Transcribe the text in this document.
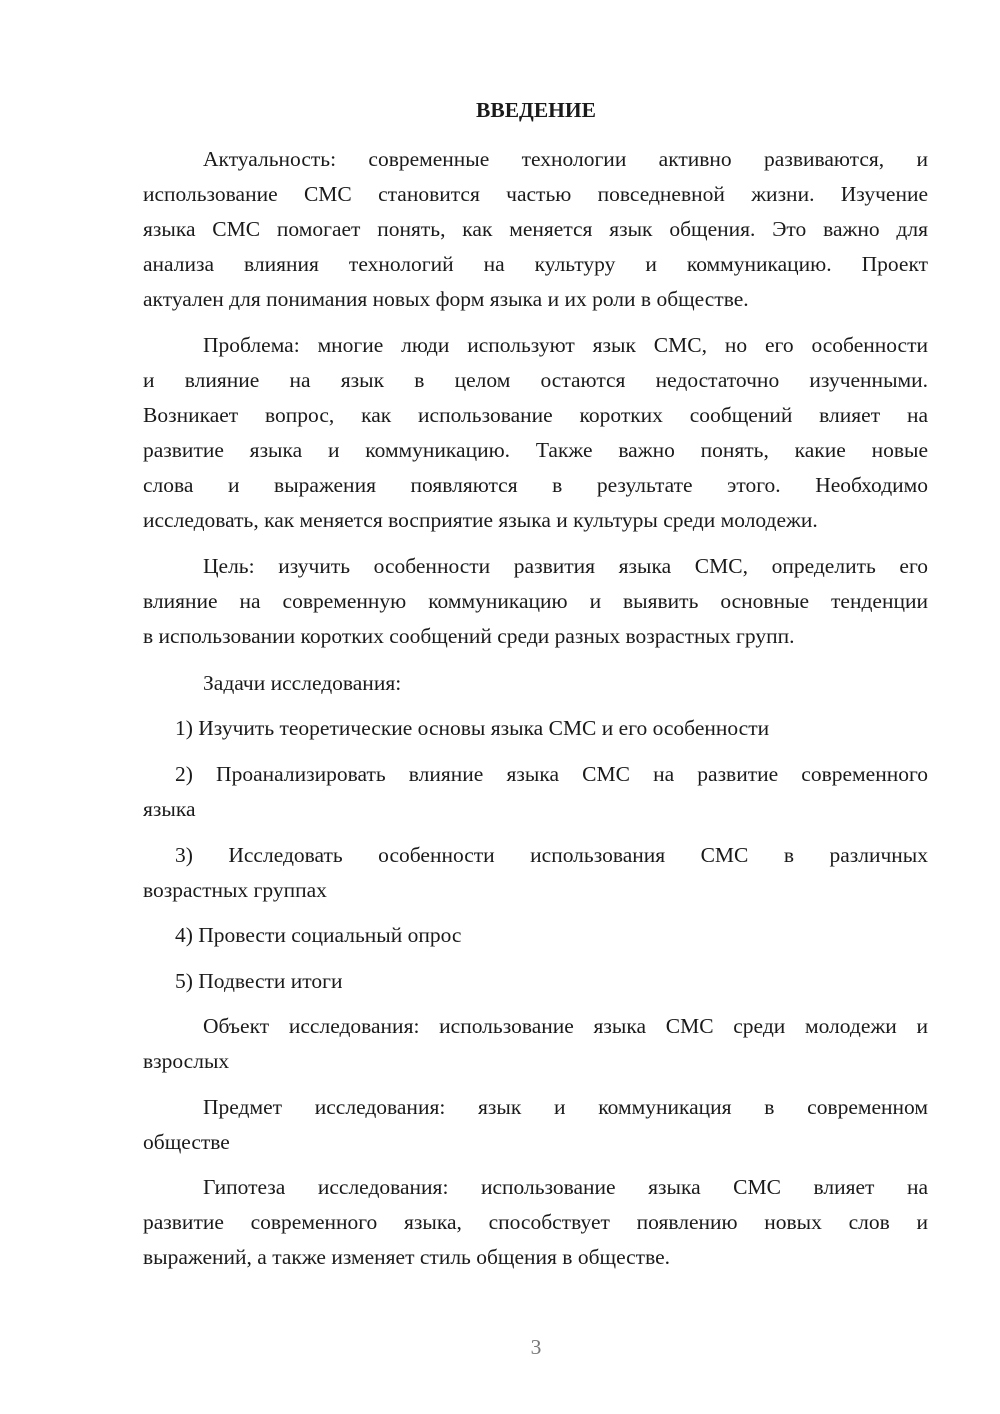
ВВЕДЕНИЕ
Актуальность: современные технологии активно развиваются, и
использование СМС становится частью повседневной жизни. Изучение
языка СМС помогает понять, как меняется язык общения. Это важно для
анализа влияния технологий на культуру и коммуникацию. Проект
актуален для понимания новых форм языка и их роли в обществе.
Проблема: многие люди используют язык СМС, но его особенности
и влияние на язык в целом остаются недостаточно изученными.
Возникает вопрос, как использование коротких сообщений влияет на
развитие языка и коммуникацию. Также важно понять, какие новые
слова и выражения появляются в результате этого. Необходимо
исследовать, как меняется восприятие языка и культуры среди молодежи.
Цель: изучить особенности развития языка СМС, определить его
влияние на современную коммуникацию и выявить основные тенденции
в использовании коротких сообщений среди разных возрастных групп.
Задачи исследования:
1) Изучить теоретические основы языка СМС и его особенности
2) Проанализировать влияние языка СМС на развитие современного
языка
3) Исследовать особенности использования СМС в различных
возрастных группах
4) Провести социальный опрос
5) Подвести итоги
Объект исследования: использование языка СМС среди молодежи и
взрослых
Предмет исследования: язык и коммуникация в современном
обществе
Гипотеза исследования: использование языка СМС влияет на
развитие современного языка, способствует появлению новых слов и
выражений, а также изменяет стиль общения в обществе.
3
